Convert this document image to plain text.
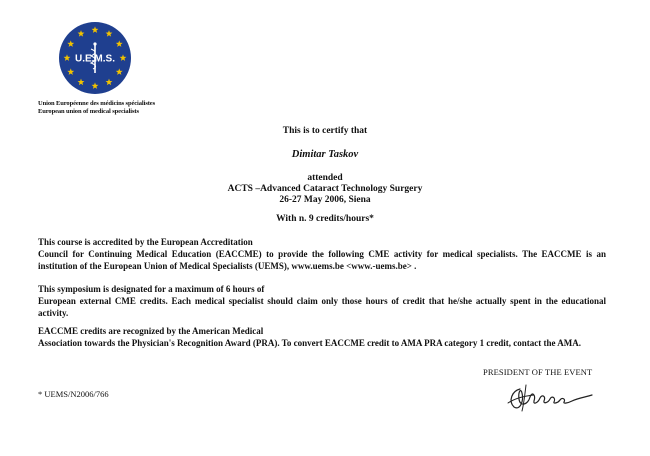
U.E.M.S.
Union Européenne des médicins spécialistes
European union of medical specialists
This is to certify that
Dimitar Taskov
attended
ACTS –Advanced Cataract Technology Surgery
26-27 May 2006, Siena
With n. 9 credits/hours*
This course is accredited by the European Accreditation
Council for Continuing Medical Education (EACCME) to provide the following CME activity for medical specialists. The EACCME is an institution of the European Union of Medical Specialists (UEMS), www.uems.be <www.-uems.be> .
This symposium is designated for a maximum of 6 hours of
European external CME credits. Each medical specialist should claim only those hours of credit that he/she actually spent in the educational activity.
EACCME credits are recognized by the American Medical
Association towards the Physician's Recognition Award (PRA). To convert EACCME credit to AMA PRA category 1 credit, contact the AMA.
* UEMS/N2006/766
PRESIDENT OF THE EVENT
